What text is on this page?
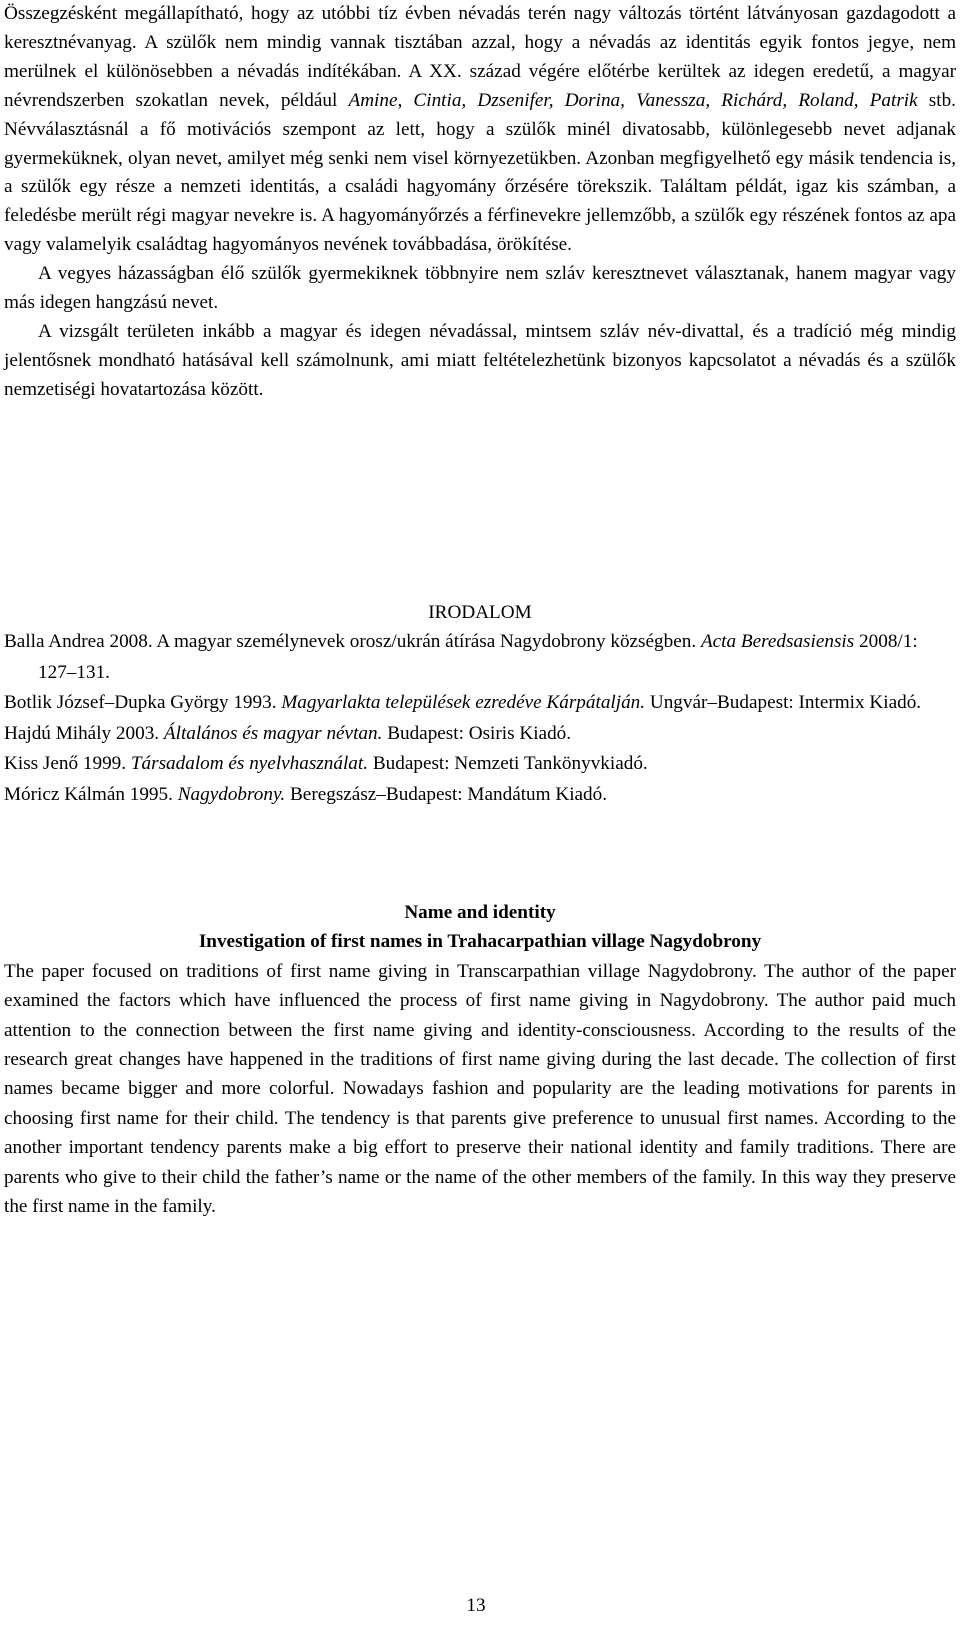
Összegzésként megállapítható, hogy az utóbbi tíz évben névadás terén nagy változás történt látványosan gazdagodott a keresztnévanyag. A szülők nem mindig vannak tisztában azzal, hogy a névadás az identitás egyik fontos jegye, nem merülnek el különösebben a névadás indítékában. A XX. század végére előtérbe kerültek az idegen eredetű, a magyar névrendszerben szokatlan nevek, például Amine, Cintia, Dzsenifer, Dorina, Vanessza, Richárd, Roland, Patrik stb. Névválasztásnál a fő motivációs szempont az lett, hogy a szülők minél divatosabb, különlegesebb nevet adjanak gyermeküknek, olyan nevet, amilyet még senki nem visel környezetükben. Azonban megfigyelhető egy másik tendencia is, a szülők egy része a nemzeti identitás, a családi hagyomány őrzésére törekszik. Találtam példát, igaz kis számban, a feledésbe merült régi magyar nevekre is. A hagyományőrzés a férfinevekre jellemzőbb, a szülők egy részének fontos az apa vagy valamelyik családtag hagyományos nevének továbbadása, örökítése.

A vegyes házasságban élő szülők gyermekiknek többnyire nem szláv keresztnevet választanak, hanem magyar vagy más idegen hangzású nevet.

A vizsgált területen inkább a magyar és idegen névadással, mintsem szláv név-divattal, és a tradíció még mindig jelentősnek mondható hatásával kell számolnunk, ami miatt feltételezhetünk bizonyos kapcsolatot a névadás és a szülők nemzetiségi hovatartozása között.

IRODALOM

Balla Andrea 2008. A magyar személynevek orosz/ukrán átírása Nagydobrony községben. Acta Beredsasiensis 2008/1: 127–131.

Botlik József–Dupka György 1993. Magyarlakta települések ezredéve Kárpátalján. Ungvár–Budapest: Intermix Kiadó.

Hajdú Mihály 2003. Általános és magyar névtan. Budapest: Osiris Kiadó.

Kiss Jenő 1999. Társadalom és nyelvhasználat. Budapest: Nemzeti Tankönyvkiadó.

Móricz Kálmán 1995. Nagydobrony. Beregszász–Budapest: Mandátum Kiadó.

Name and identity

Investigation of first names in Trahacarpathian village Nagydobrony

The paper focused on traditions of first name giving in Transcarpathian village Nagydobrony. The author of the paper examined the factors which have influenced the process of first name giving in Nagydobrony. The author paid much attention to the connection between the first name giving and identity-consciousness. According to the results of the research great changes have happened in the traditions of first name giving during the last decade. The collection of first names became bigger and more colorful. Nowadays fashion and popularity are the leading motivations for parents in choosing first name for their child. The tendency is that parents give preference to unusual first names. According to the another important tendency parents make a big effort to preserve their national identity and family traditions. There are parents who give to their child the father’s name or the name of the other members of the family. In this way they preserve the first name in the family.

13
